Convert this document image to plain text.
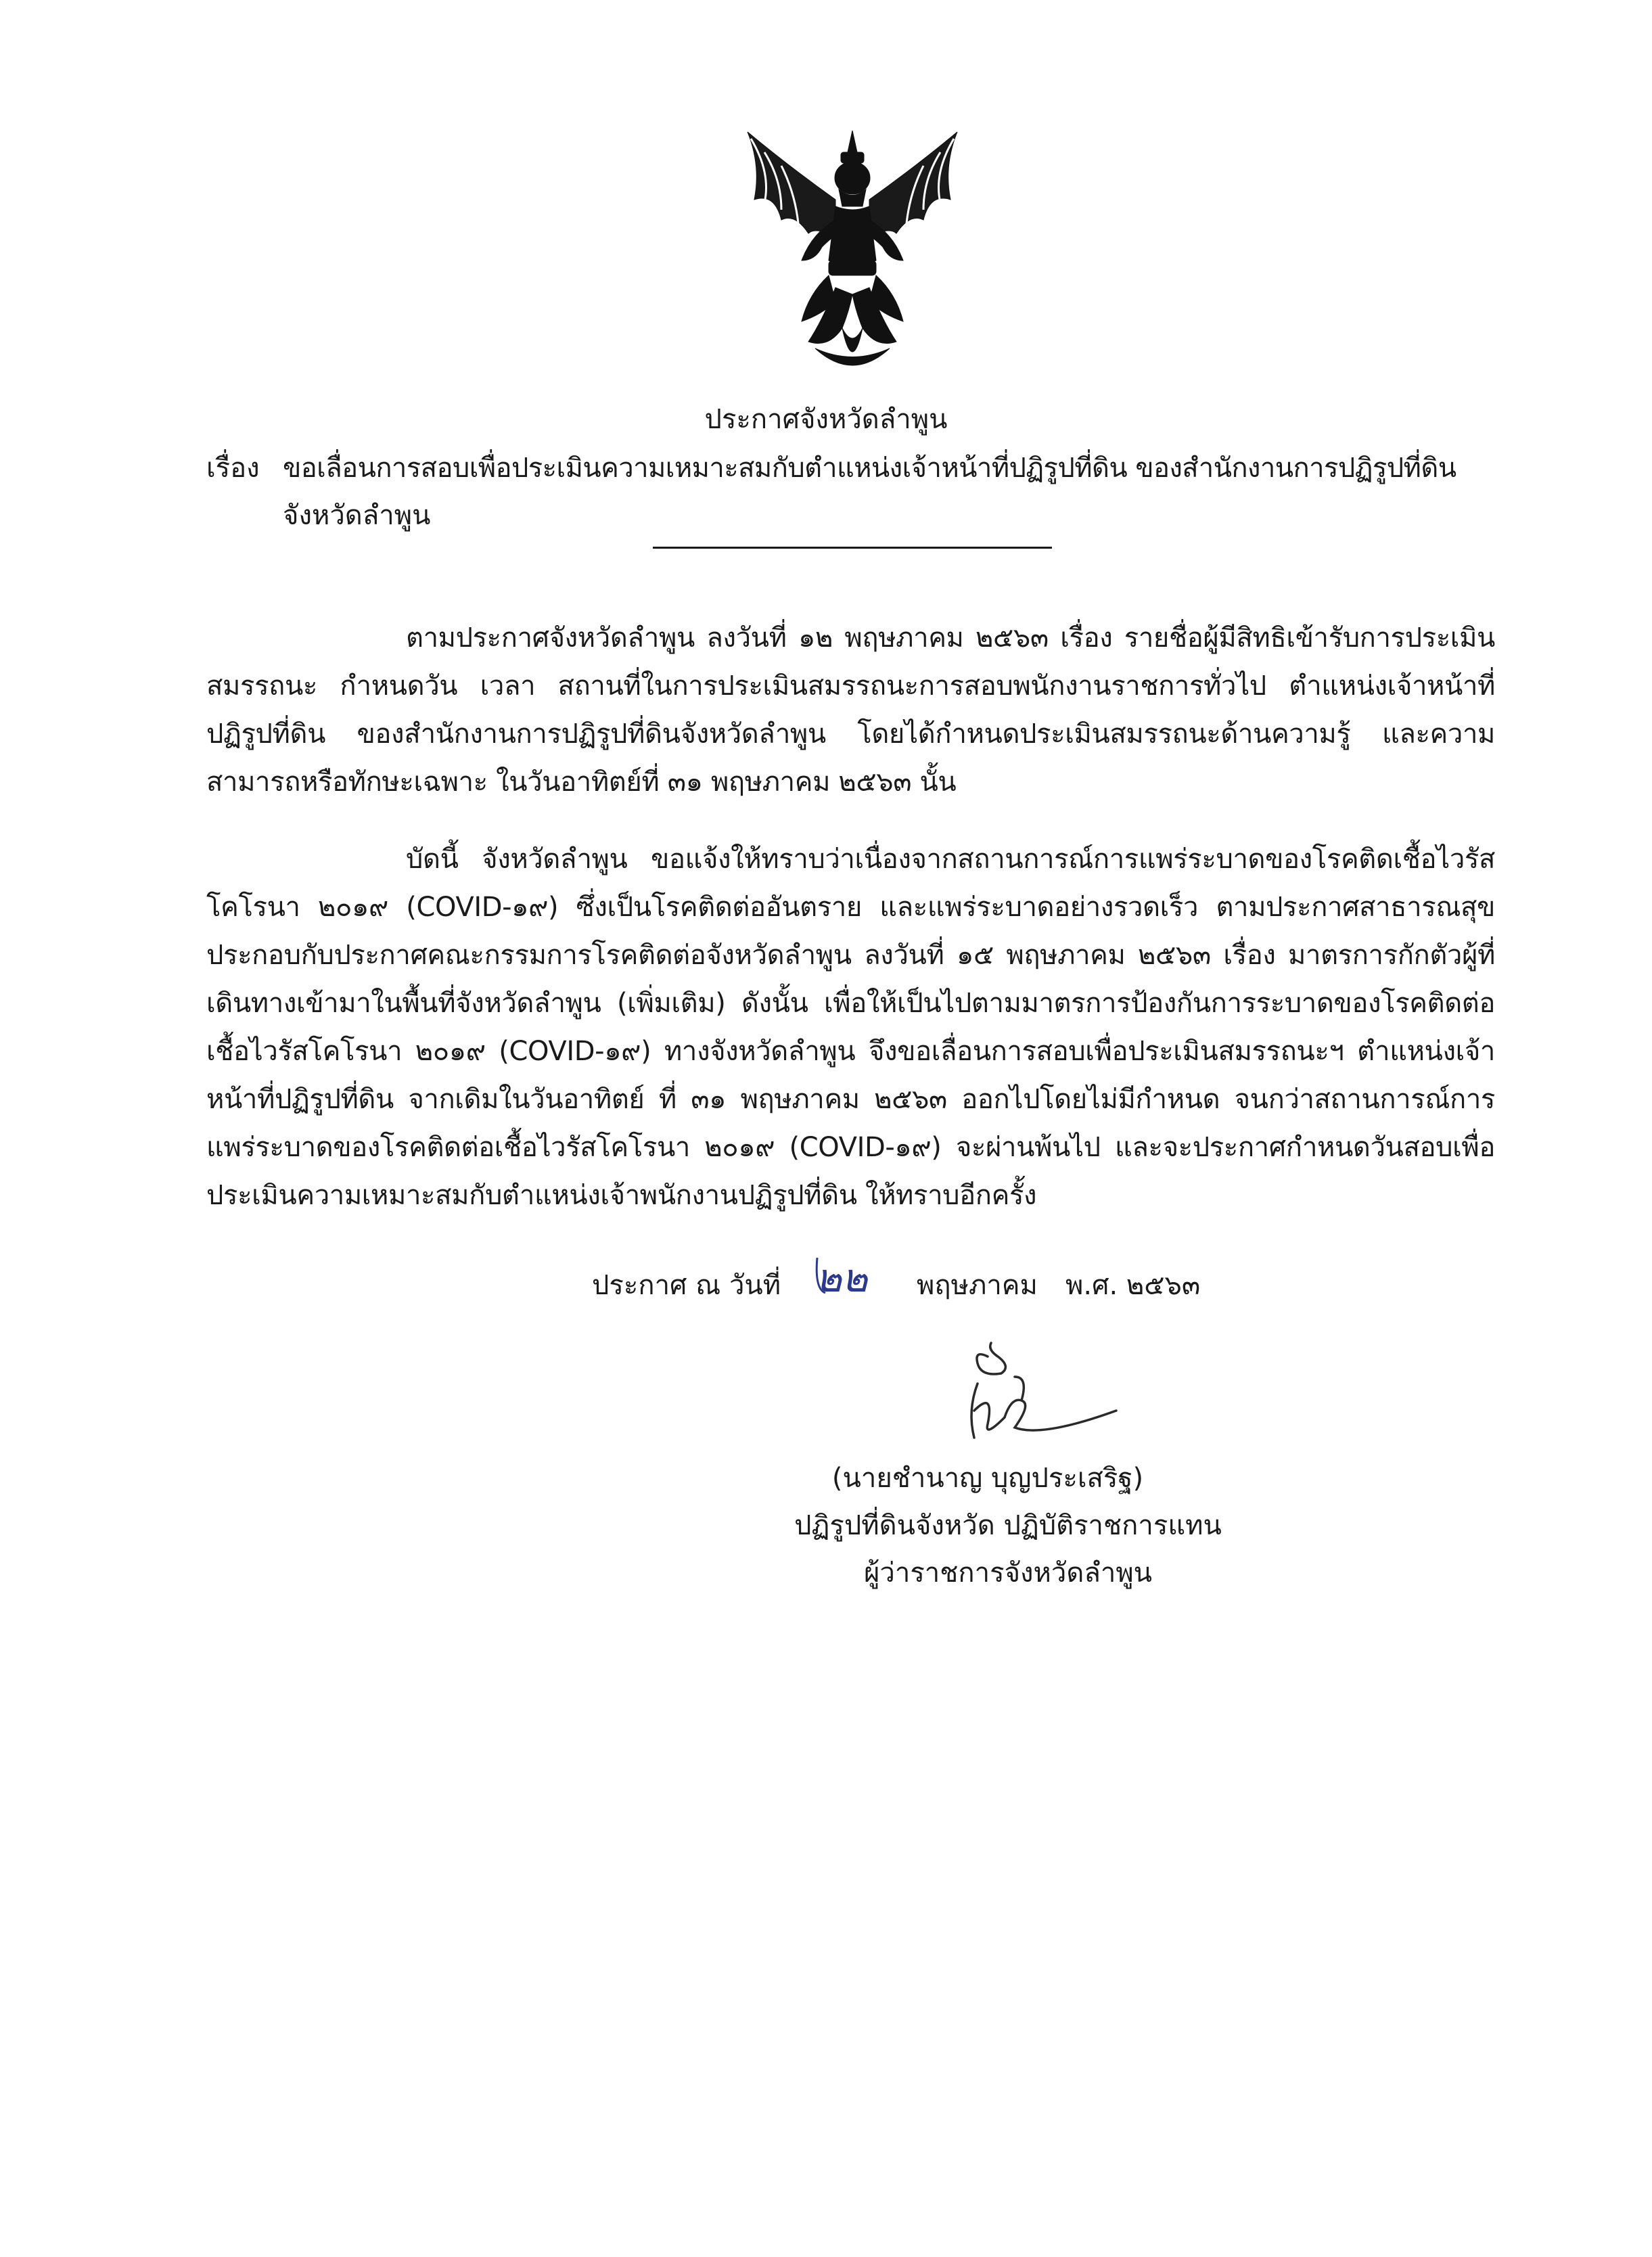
ประกาศจังหวัดลำพูน
เรื่อง ขอเลื่อนการสอบเพื่อประเมินความเหมาะสมกับตำแหน่งเจ้าหน้าที่ปฏิรูปที่ดิน ของสำนักงานการปฏิรูปที่ดิน
จังหวัดลำพูน
ตามประกาศจังหวัดลำพูน ลงวันที่ ๑๒ พฤษภาคม ๒๕๖๓ เรื่อง รายชื่อผู้มีสิทธิเข้ารับการประเมินสมรรถนะ กำหนดวัน เวลา สถานที่ในการประเมินสมรรถนะการสอบพนักงานราชการทั่วไป ตำแหน่งเจ้าหน้าที่ปฏิรูปที่ดิน ของสำนักงานการปฏิรูปที่ดินจังหวัดลำพูน โดยได้กำหนดประเมินสมรรถนะด้านความรู้ และความสามารถหรือทักษะเฉพาะ ในวันอาทิตย์ที่ ๓๑ พฤษภาคม ๒๕๖๓ นั้น
บัดนี้ จังหวัดลำพูน ขอแจ้งให้ทราบว่าเนื่องจากสถานการณ์การแพร่ระบาดของโรคติดเชื้อไวรัสโคโรนา ๒๐๑๙ (COVID-๑๙) ซึ่งเป็นโรคติดต่ออันตราย และแพร่ระบาดอย่างรวดเร็ว ตามประกาศสาธารณสุขประกอบกับประกาศคณะกรรมการโรคติดต่อจังหวัดลำพูน ลงวันที่ ๑๕ พฤษภาคม ๒๕๖๓ เรื่อง มาตรการกักตัวผู้ที่เดินทางเข้ามาในพื้นที่จังหวัดลำพูน (เพิ่มเติม) ดังนั้น เพื่อให้เป็นไปตามมาตรการป้องกันการระบาดของโรคติดต่อเชื้อไวรัสโคโรนา ๒๐๑๙ (COVID-๑๙) ทางจังหวัดลำพูน จึงขอเลื่อนการสอบเพื่อประเมินสมรรถนะฯ ตำแหน่งเจ้าหน้าที่ปฏิรูปที่ดิน จากเดิมในวันอาทิตย์ ที่ ๓๑ พฤษภาคม ๒๕๖๓ ออกไปโดยไม่มีกำหนด จนกว่าสถานการณ์การแพร่ระบาดของโรคติดต่อเชื้อไวรัสโคโรนา ๒๐๑๙ (COVID-๑๙) จะผ่านพ้นไป และจะประกาศกำหนดวันสอบเพื่อประเมินความเหมาะสมกับตำแหน่งเจ้าพนักงานปฏิรูปที่ดิน ให้ทราบอีกครั้ง
ประกาศ ณ วันที่ ๒๒ พฤษภาคม พ.ศ. ๒๕๖๓
(นายชำนาญ บุญประเสริฐ)
ปฏิรูปที่ดินจังหวัด ปฏิบัติราชการแทน
ผู้ว่าราชการจังหวัดลำพูน
